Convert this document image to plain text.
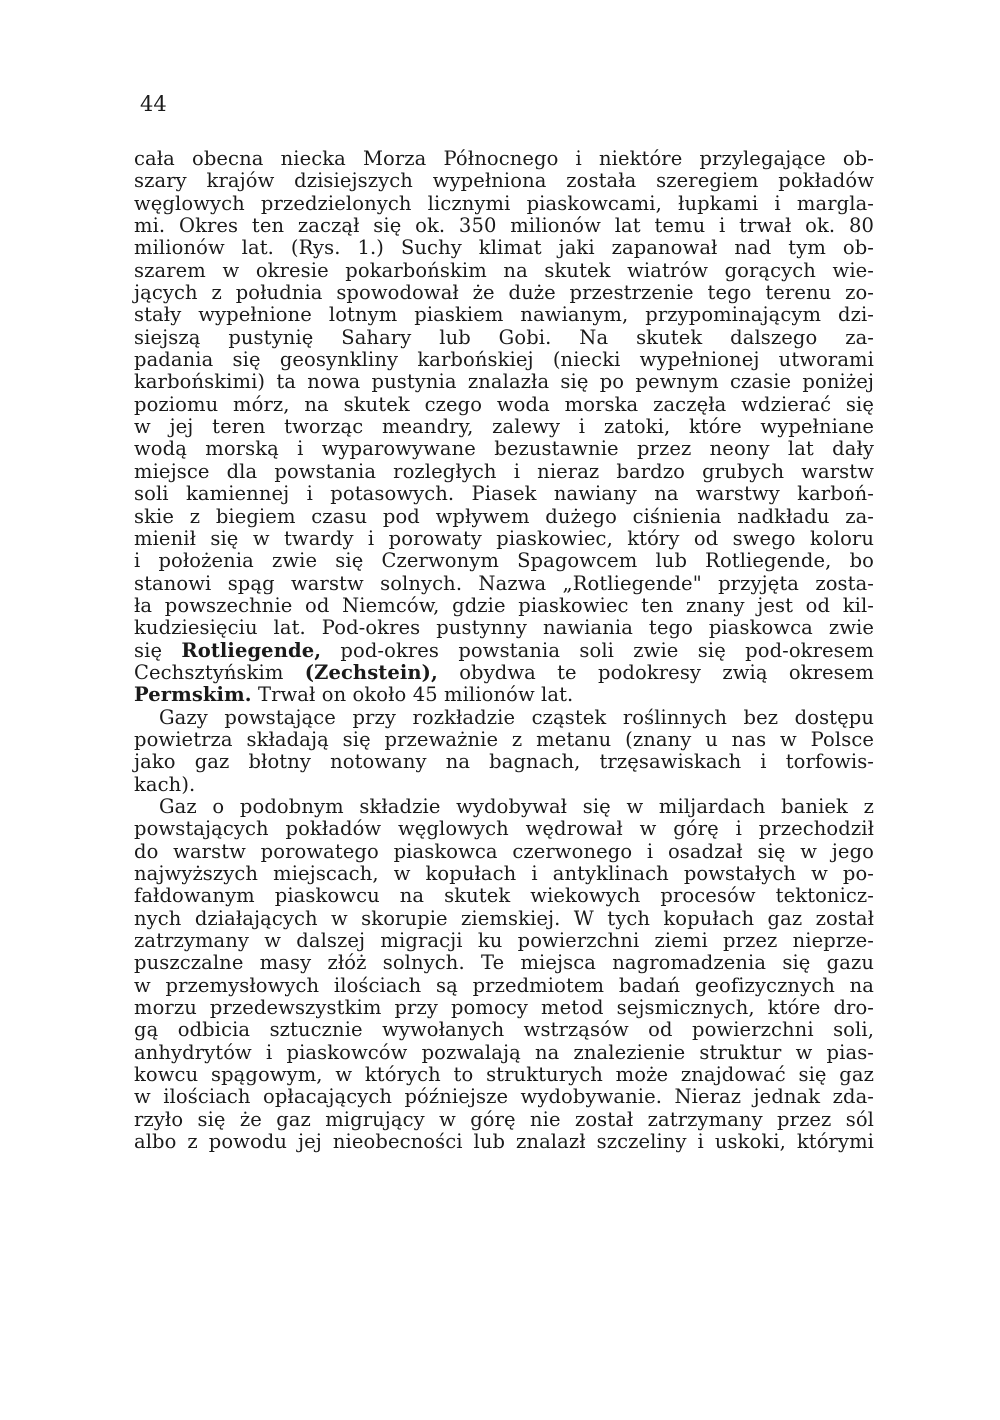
44
cała obecna niecka Morza Północnego i niektóre przylegające ob-
szary krajów dzisiejszych wypełniona została szeregiem pokładów
węglowych przedzielonych licznymi piaskowcami, łupkami i margla-
mi. Okres ten zaczął się ok. 350 milionów lat temu i trwał ok. 80
milionów lat. (Rys. 1.) Suchy klimat jaki zapanował nad tym ob-
szarem w okresie pokarbońskim na skutek wiatrów gorących wie-
jących z południa spowodował że duże przestrzenie tego terenu zo-
stały wypełnione lotnym piaskiem nawianym, przypominającym dzi-
siejszą pustynię Sahary lub Gobi. Na skutek dalszego za-
padania się geosynkliny karbońskiej (niecki wypełnionej utworami
karbońskimi) ta nowa pustynia znalazła się po pewnym czasie poniżej
poziomu mórz, na skutek czego woda morska zaczęła wdzierać się
w jej teren tworząc meandry, zalewy i zatoki, które wypełniane
wodą morską i wyparowywane bezustawnie przez neony lat dały
miejsce dla powstania rozległych i nieraz bardzo grubych warstw
soli kamiennej i potasowych. Piasek nawiany na warstwy karboń-
skie z biegiem czasu pod wpływem dużego ciśnienia nadkładu za-
mienił się w twardy i porowaty piaskowiec, który od swego koloru
i położenia zwie się Czerwonym Spagowcem lub Rotliegende, bo
stanowi spąg warstw solnych. Nazwa „Rotliegende" przyjęta zosta-
ła powszechnie od Niemców, gdzie piaskowiec ten znany jest od kil-
kudziesięciu lat. Pod-okres pustynny nawiania tego piaskowca zwie
się Rotliegende, pod-okres powstania soli zwie się pod-okresem
Cechsztyńskim (Zechstein), obydwa te podokresy zwią okresem
Permskim. Trwał on około 45 milionów lat.
Gazy powstające przy rozkładzie cząstek roślinnych bez dostępu
powietrza składają się przeważnie z metanu (znany u nas w Polsce
jako gaz błotny notowany na bagnach, trzęsawiskach i torfowis-
kach).
Gaz o podobnym składzie wydobywał się w miljardach baniek z
powstających pokładów węglowych wędrował w górę i przechodził
do warstw porowatego piaskowca czerwonego i osadzał się w jego
najwyższych miejscach, w kopułach i antyklinach powstałych w po-
fałdowanym piaskowcu na skutek wiekowych procesów tektonicz-
nych działających w skorupie ziemskiej. W tych kopułach gaz został
zatrzymany w dalszej migracji ku powierzchni ziemi przez nieprze-
puszczalne masy złóż solnych. Te miejsca nagromadzenia się gazu
w przemysłowych ilościach są przedmiotem badań geofizycznych na
morzu przedewszystkim przy pomocy metod sejsmicznych, które dro-
gą odbicia sztucznie wywołanych wstrząsów od powierzchni soli,
anhydrytów i piaskowców pozwalają na znalezienie struktur w pias-
kowcu spągowym, w których to strukturych może znajdować się gaz
w ilościach opłacających późniejsze wydobywanie. Nieraz jednak zda-
rzyło się że gaz migrujący w górę nie został zatrzymany przez sól
albo z powodu jej nieobecności lub znalazł szczeliny i uskoki, którymi
